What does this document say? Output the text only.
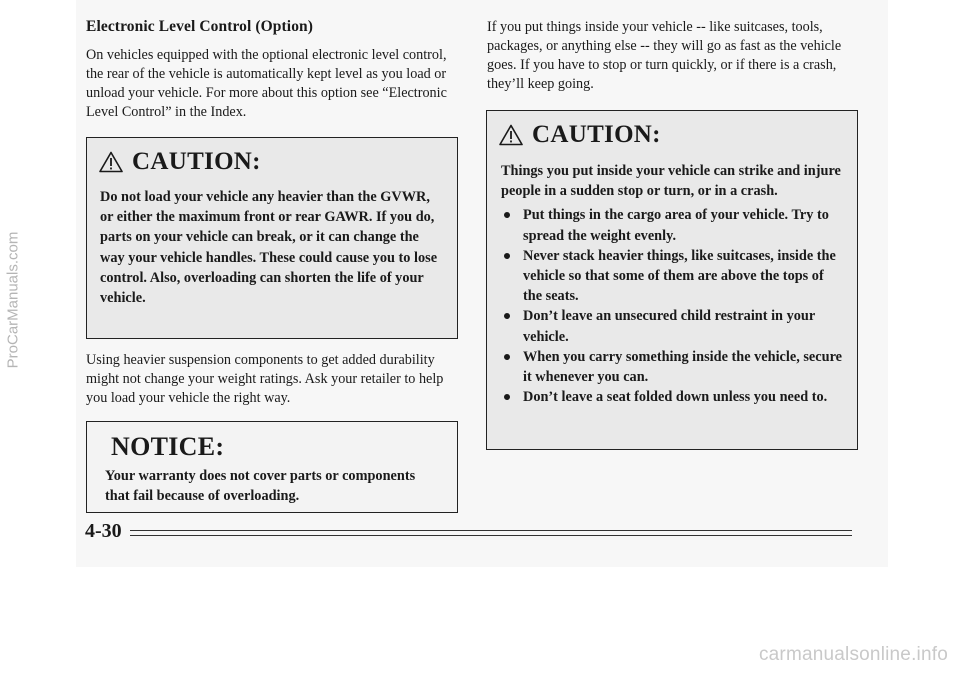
Electronic Level Control (Option)

On vehicles equipped with the optional electronic level control, the rear of the vehicle is automatically kept level as you load or unload your vehicle. For more about this option see “Electronic Level Control” in the Index.

CAUTION:
Do not load your vehicle any heavier than the GVWR, or either the maximum front or rear GAWR. If you do, parts on your vehicle can break, or it can change the way your vehicle handles. These could cause you to lose control. Also, overloading can shorten the life of your vehicle.

Using heavier suspension components to get added durability might not change your weight ratings. Ask your retailer to help you load your vehicle the right way.

NOTICE:
Your warranty does not cover parts or components that fail because of overloading.

If you put things inside your vehicle -- like suitcases, tools, packages, or anything else -- they will go as fast as the vehicle goes. If you have to stop or turn quickly, or if there is a crash, they’ll keep going.

CAUTION:
Things you put inside your vehicle can strike and injure people in a sudden stop or turn, or in a crash.
Put things in the cargo area of your vehicle. Try to spread the weight evenly.
Never stack heavier things, like suitcases, inside the vehicle so that some of them are above the tops of the seats.
Don’t leave an unsecured child restraint in your vehicle.
When you carry something inside the vehicle, secure it whenever you can.
Don’t leave a seat folded down unless you need to.
4-30
ProCarManuals.com
carmanualsonline.info
